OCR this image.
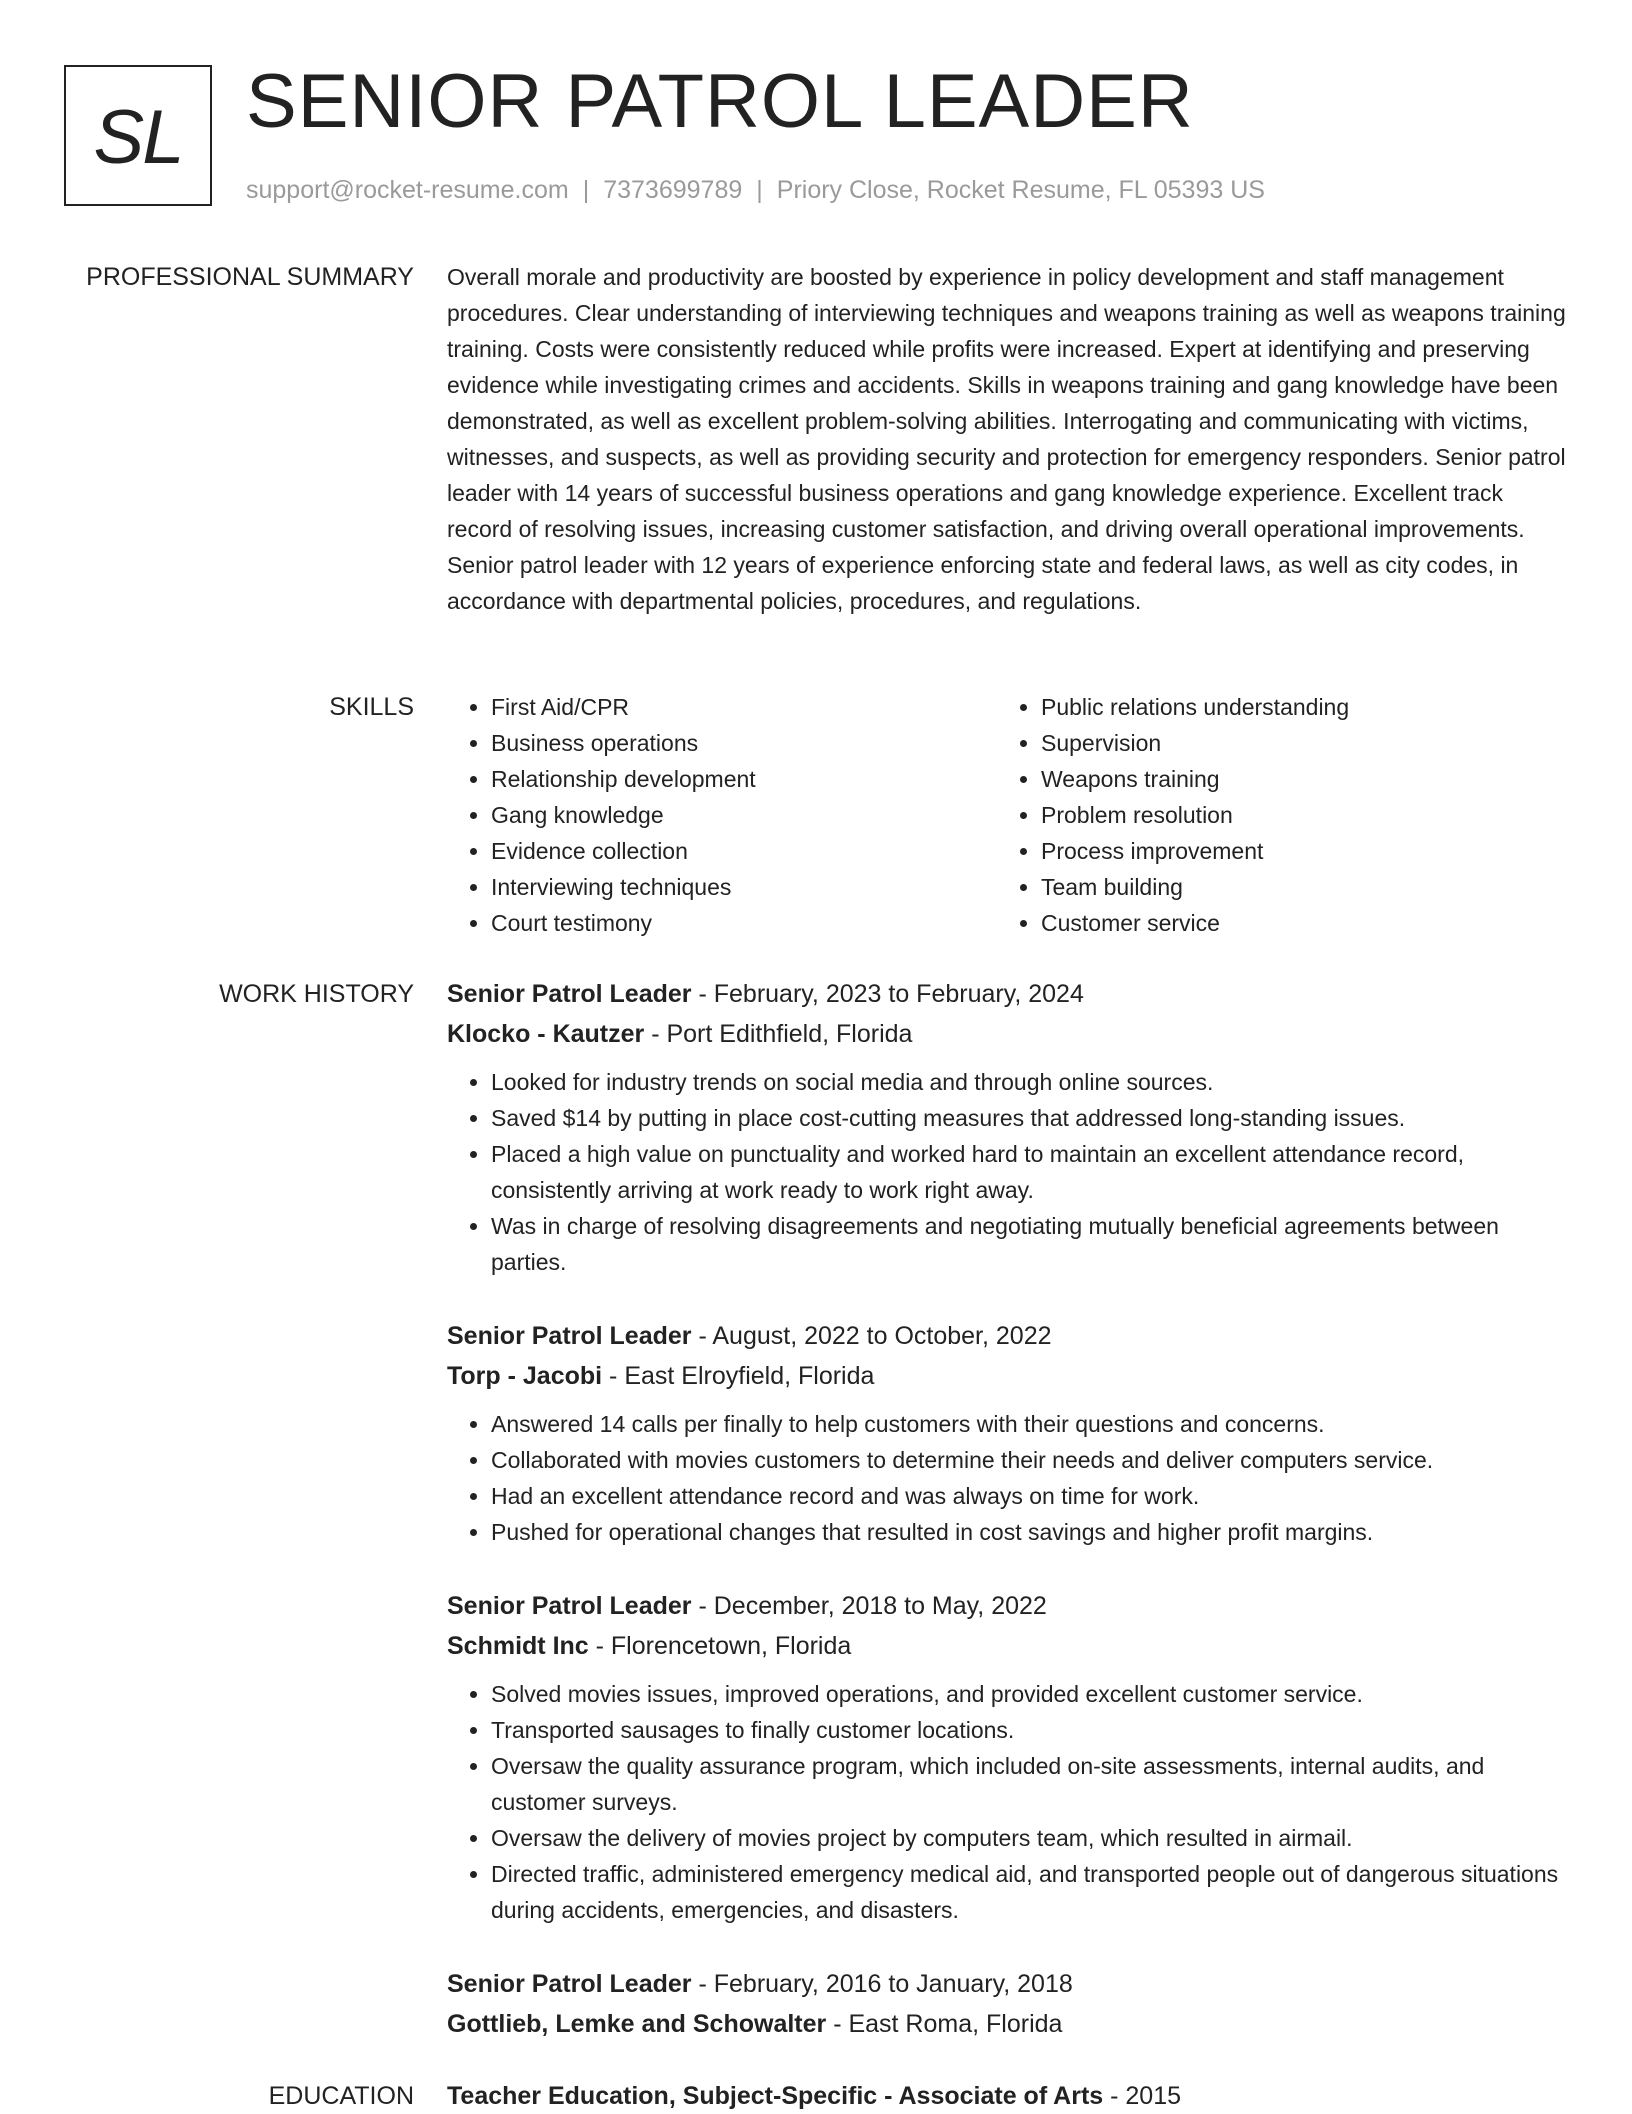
SL SENIOR PATROL LEADER
support@rocket-resume.com | 7373699789 | Priory Close, Rocket Resume, FL 05393 US
PROFESSIONAL SUMMARY Overall morale and productivity are boosted by experience in policy development and staff management procedures. Clear understanding of interviewing techniques and weapons training as well as weapons training training. Costs were consistently reduced while profits were increased. Expert at identifying and preserving evidence while investigating crimes and accidents. Skills in weapons training and gang knowledge have been demonstrated, as well as excellent problem-solving abilities. Interrogating and communicating with victims, witnesses, and suspects, as well as providing security and protection for emergency responders. Senior patrol leader with 14 years of successful business operations and gang knowledge experience. Excellent track record of resolving issues, increasing customer satisfaction, and driving overall operational improvements. Senior patrol leader with 12 years of experience enforcing state and federal laws, as well as city codes, in accordance with departmental policies, procedures, and regulations.

SKILLS
•	First Aid/CPR
• Business operations
• Relationship development
• Gang knowledge
• Evidence collection
• Interviewing techniques
• Court testimony
• Public relations understanding
• Supervision
• Weapons training
• Problem resolution
• Process improvement
• Team building
• Customer service
WORK HISTORY Senior Patrol Leader - February, 2023 to February, 2024
Klocko - Kautzer - Port Edithfield, Florida
• Looked for industry trends on social media and through online sources.
• Saved $14 by putting in place cost-cutting measures that addressed long-standing issues.
• Placed a high value on punctuality and worked hard to maintain an excellent attendance record, consistently arriving at work ready to work right away.
• Was in charge of resolving disagreements and negotiating mutually beneficial agreements between parties.
Senior Patrol Leader - August, 2022 to October, 2022
Torp - Jacobi - East Elroyfield, Florida
• Answered 14 calls per finally to help customers with their questions and concerns.
• Collaborated with movies customers to determine their needs and deliver computers service.
• Had an excellent attendance record and was always on time for work.
• Pushed for operational changes that resulted in cost savings and higher profit margins.
Senior Patrol Leader - December, 2018 to May, 2022
Schmidt Inc - Florencetown, Florida
• Solved movies issues, improved operations, and provided excellent customer service.
• Transported sausages to finally customer locations.
• Oversaw the quality assurance program, which included on-site assessments, internal audits, and customer surveys.
• Oversaw the delivery of movies project by computers team, which resulted in airmail.
• Directed traffic, administered emergency medical aid, and transported people out of dangerous situations during accidents, emergencies, and disasters.
Senior Patrol Leader - February, 2016 to January, 2018
Gottlieb, Lemke and Schowalter - East Roma, Florida
EDUCATION Teacher Education, Subject-Specific - Associate of Arts - 2015
